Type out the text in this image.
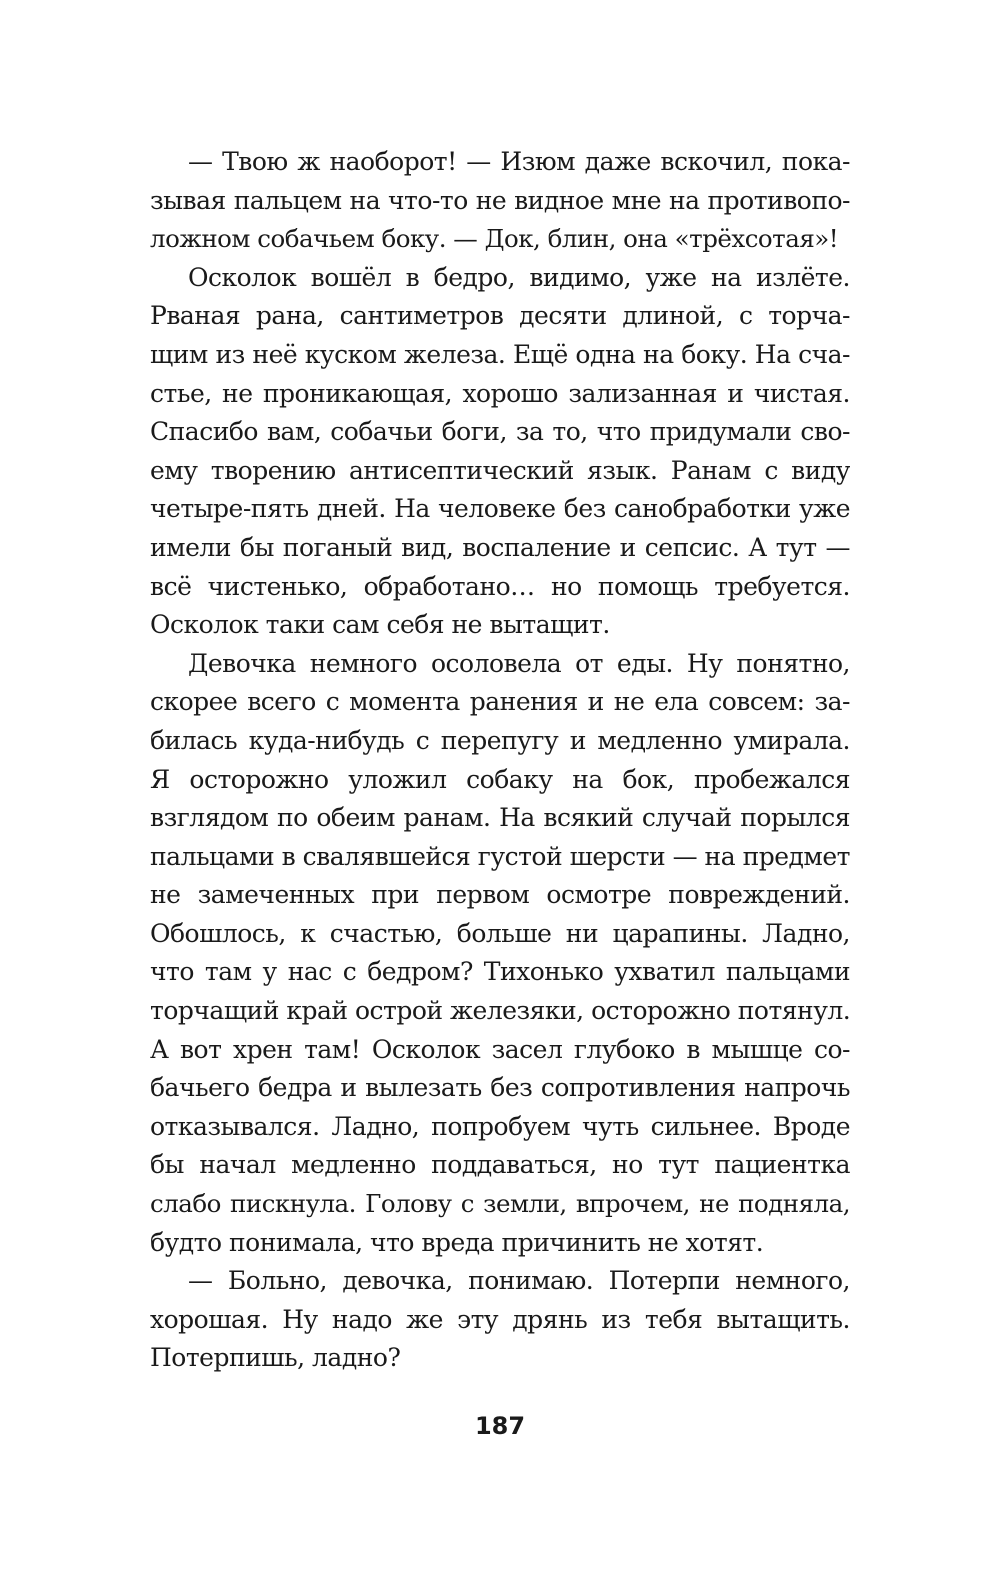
— Твою ж наоборот! — Изюм даже вскочил, пока-
зывая пальцем на что-то не видное мне на противопо-
ложном собачьем боку. — Док, блин, она «трёхсотая»!
Осколок вошёл в бедро, видимо, уже на излёте.
Рваная рана, сантиметров десяти длиной, с торча-
щим из неё куском железа. Ещё одна на боку. На сча-
стье, не проникающая, хорошо зализанная и чистая.
Спасибо вам, собачьи боги, за то, что придумали сво-
ему творению антисептический язык. Ранам с виду
четыре-пять дней. На человеке без санобработки уже
имели бы поганый вид, воспаление и сепсис. А тут —
всё чистенько, обработано… но помощь требуется.
Осколок таки сам себя не вытащит.
Девочка немного осоловела от еды. Ну понятно,
скорее всего с момента ранения и не ела совсем: за-
билась куда-нибудь с перепугу и медленно умирала.
Я осторожно уложил собаку на бок, пробежался
взглядом по обеим ранам. На всякий случай порылся
пальцами в свалявшейся густой шерсти — на предмет
не замеченных при первом осмотре повреждений.
Обошлось, к счастью, больше ни царапины. Ладно,
что там у нас с бедром? Тихонько ухватил пальцами
торчащий край острой железяки, осторожно потянул.
А вот хрен там! Осколок засел глубоко в мышце со-
бачьего бедра и вылезать без сопротивления напрочь
отказывался. Ладно, попробуем чуть сильнее. Вроде
бы начал медленно поддаваться, но тут пациентка
слабо пискнула. Голову с земли, впрочем, не подняла,
будто понимала, что вреда причинить не хотят.
— Больно, девочка, понимаю. Потерпи немного,
хорошая. Ну надо же эту дрянь из тебя вытащить.
Потерпишь, ладно?
187
